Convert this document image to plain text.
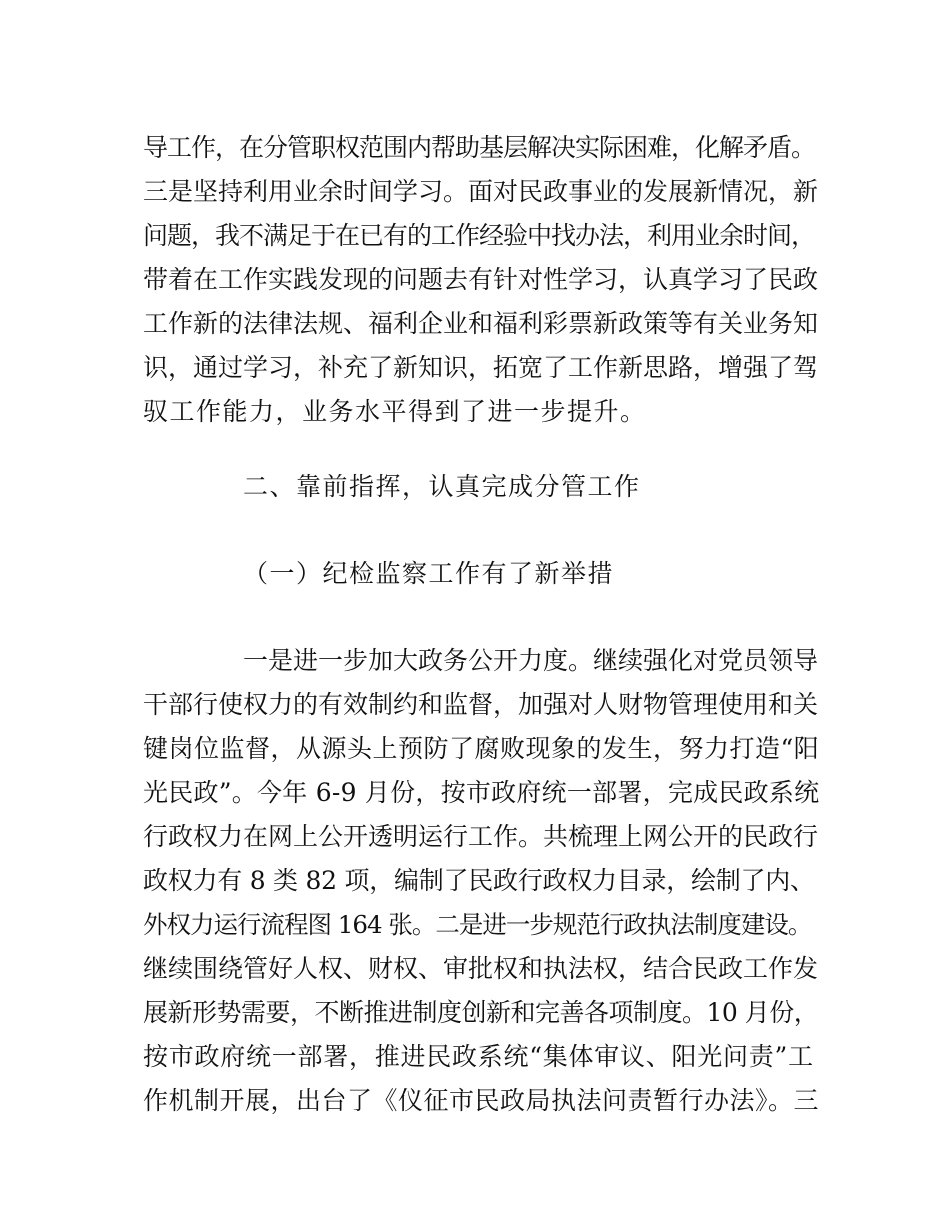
导工作，在分管职权范围内帮助基层解决实际困难，化解矛盾。
三是坚持利用业余时间学习。面对民政事业的发展新情况，新
问题，我不满足于在已有的工作经验中找办法，利用业余时间，
带着在工作实践发现的问题去有针对性学习，认真学习了民政
工作新的法律法规、福利企业和福利彩票新政策等有关业务知
识，通过学习，补充了新知识，拓宽了工作新思路，增强了驾
驭工作能力，业务水平得到了进一步提升。
二、靠前指挥，认真完成分管工作
（一）纪检监察工作有了新举措
一是进一步加大政务公开力度。继续强化对党员领导
干部行使权力的有效制约和监督，加强对人财物管理使用和关
键岗位监督，从源头上预防了腐败现象的发生，努力打造“阳
光民政”。今年 6-9 月份，按市政府统一部署，完成民政系统
行政权力在网上公开透明运行工作。共梳理上网公开的民政行
政权力有 8 类 82 项，编制了民政行政权力目录，绘制了内、
外权力运行流程图 164 张。二是进一步规范行政执法制度建设。
继续围绕管好人权、财权、审批权和执法权，结合民政工作发
展新形势需要，不断推进制度创新和完善各项制度。10 月份，
按市政府统一部署，推进民政系统“集体审议、阳光问责”工
作机制开展，出台了《仪征市民政局执法问责暂行办法》。三
